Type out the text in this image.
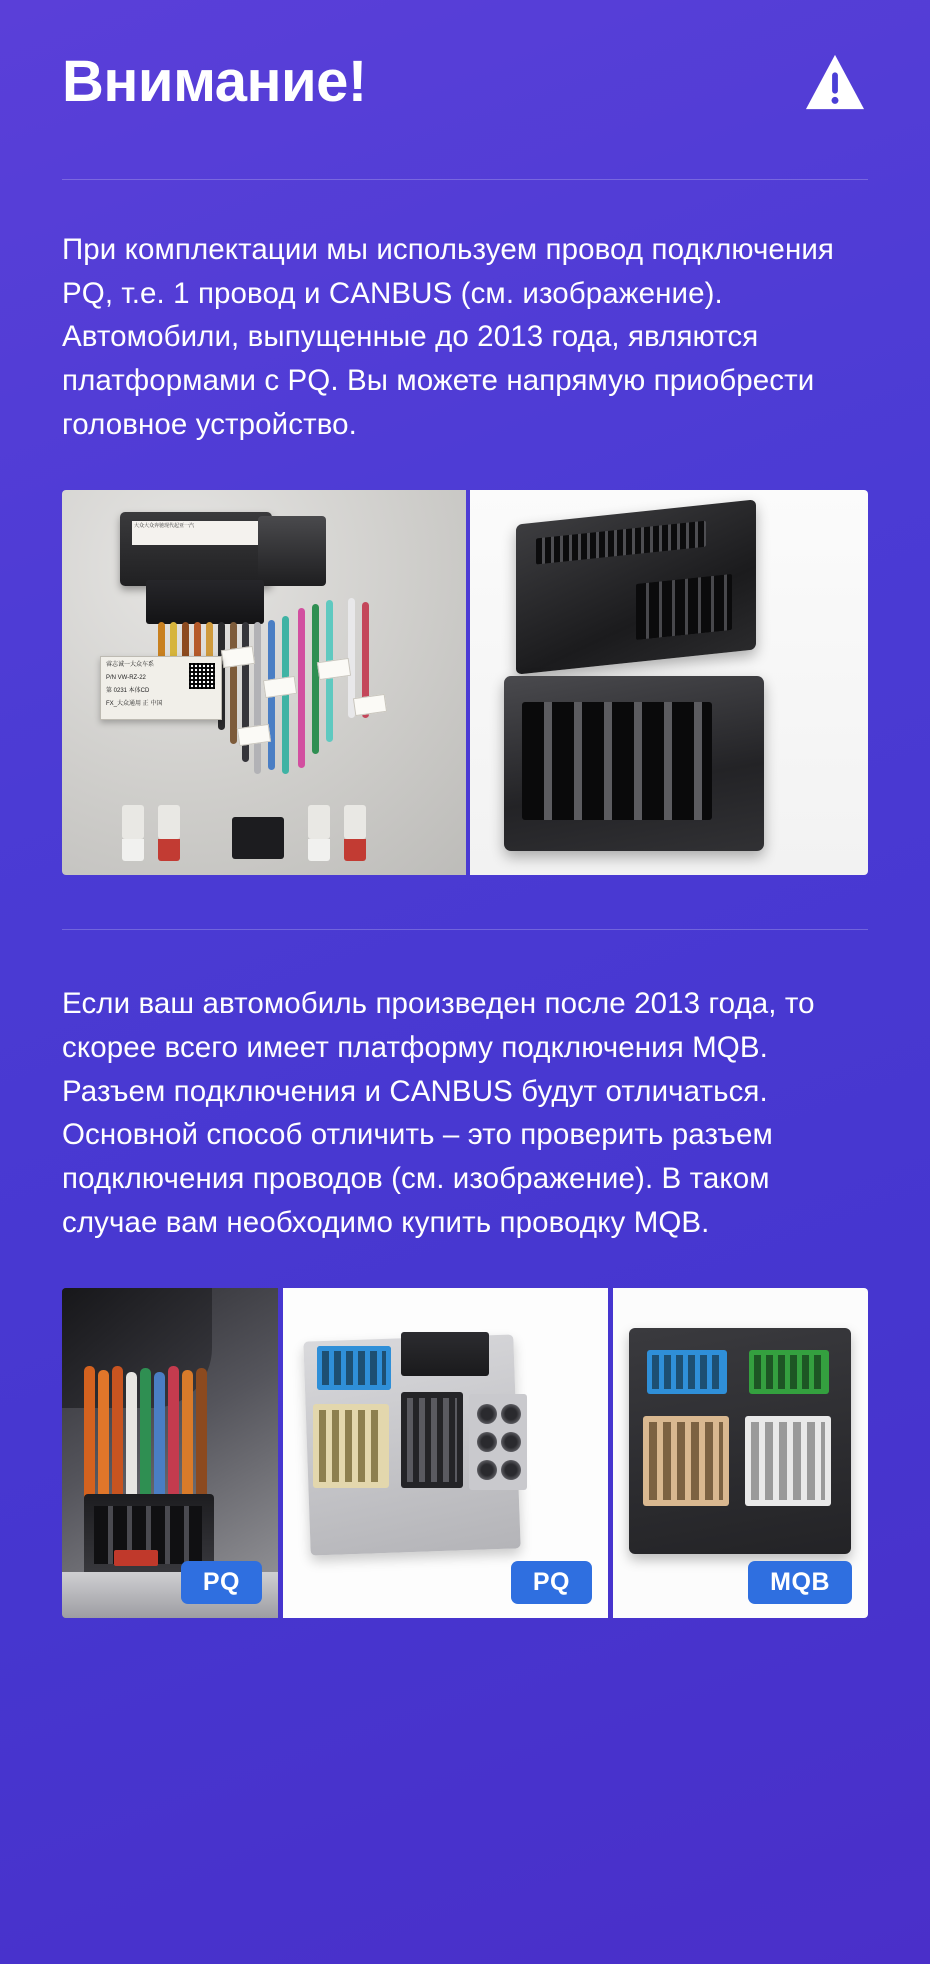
Внимание!

При комплектации мы используем провод подключения PQ, т.е. 1 провод и CANBUS (см. изображение). Автомобили, выпущенные до 2013 года, являются платформами с PQ. Вы можете напрямую приобрести головное устройство.

大众大众奔驰现代起亚一汽
睿志诚一大众车系
P/N VW-RZ-22
第 0231 本体CD
FX_大众通用 正 中国

Если ваш автомобиль произведен после 2013 года, то скорее всего имеет платформу подключения MQB. Разъем подключения и CANBUS будут отличаться. Основной способ отличить – это проверить разъем подключения проводов (см. изображение). В таком случае вам необходимо купить проводку MQB.

PQ	PQ	MQB
